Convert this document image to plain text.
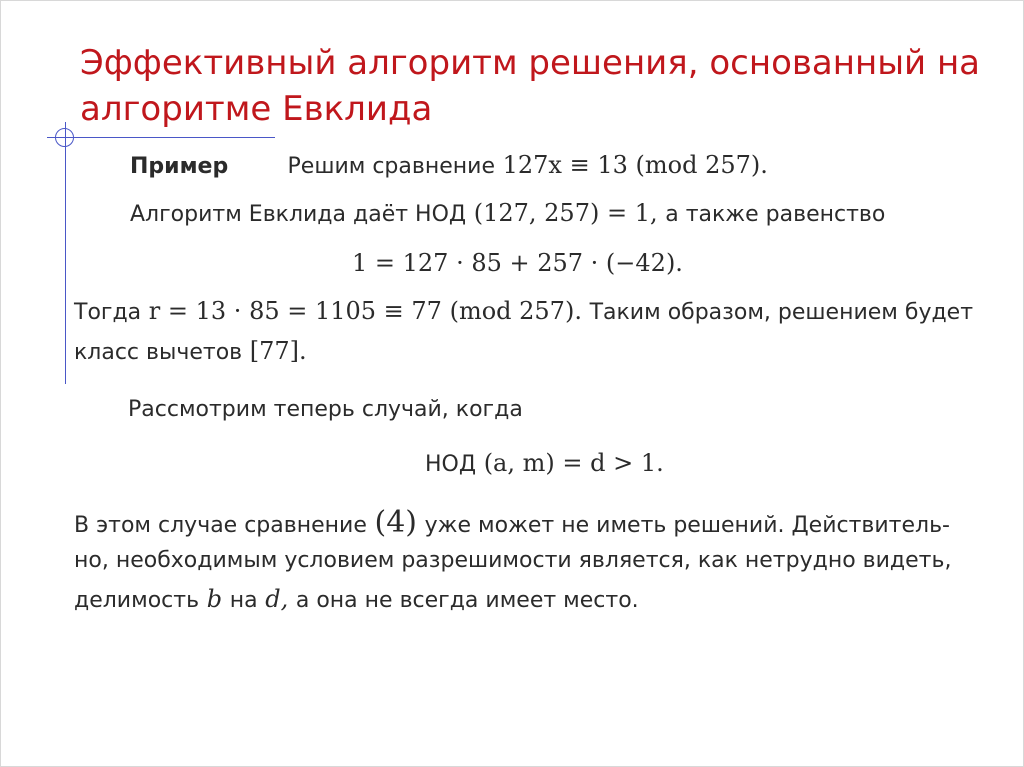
Эффективный алгоритм решения, основанный на алгоритме Евклида
Пример	Решим сравнение 127x ≡ 13 (mod 257).
Алгоритм Евклида даёт НОД (127, 257) = 1, а также равенство
1 = 127 · 85 + 257 · (−42).
Тогда r = 13 · 85 = 1105 ≡ 77 (mod 257). Таким образом, решением будет
класс вычетов [77].
Рассмотрим теперь случай, когда
НОД (a, m) = d > 1.
В этом случае сравнение (4) уже может не иметь решений. Действитель-
но, необходимым условием разрешимости является, как нетрудно видеть,
делимость b на d, а она не всегда имеет место.
